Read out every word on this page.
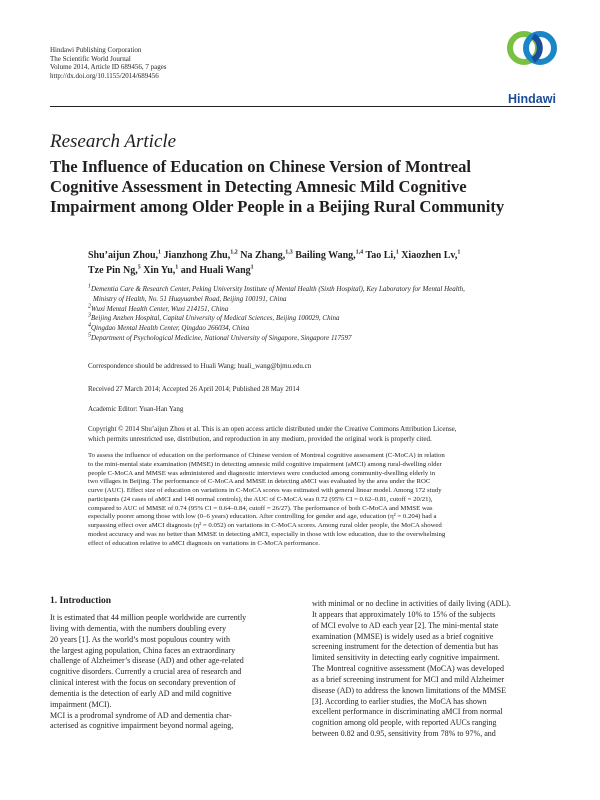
Hindawi Publishing Corporation
The Scientific World Journal
Volume 2014, Article ID 689456, 7 pages
http://dx.doi.org/10.1155/2014/689456
Hindawi
Research Article
The Influence of Education on Chinese Version of Montreal
Cognitive Assessment in Detecting Amnesic Mild Cognitive
Impairment among Older People in a Beijing Rural Community
Shu’aijun Zhou,$^1$ Jianzhong Zhu,$^{1,2}$ Na Zhang,$^{1,3}$ Bailing Wang,$^{1,4}$ Tao Li,$^1$ Xiaozhen Lv,$^1$
Tze Pin Ng,$^5$ Xin Yu,$^1$ and Huali Wang$^1$
$^1$Dementia Care & Research Center, Peking University Institute of Mental Health (Sixth Hospital), Key Laboratory for Mental Health,
Ministry of Health, No. 51 Huayuanbei Road, Beijing 100191, China
$^2$Wuxi Mental Health Center, Wuxi 214151, China
$^3$Beijing Anzhen Hospital, Capital University of Medical Sciences, Beijing 100029, China
$^4$Qingdao Mental Health Center, Qingdao 266034, China
$^5$Department of Psychological Medicine, National University of Singapore, Singapore 117597
Correspondence should be addressed to Huali Wang; huali_wang@bjmu.edu.cn
Received 27 March 2014; Accepted 26 April 2014; Published 28 May 2014
Academic Editor: Yuan-Han Yang
Copyright © 2014 Shu’aijun Zhou et al. This is an open access article distributed under the Creative Commons Attribution License,
which permits unrestricted use, distribution, and reproduction in any medium, provided the original work is properly cited.
To assess the influence of education on the performance of Chinese version of Montreal cognitive assessment (C-MoCA) in relation
to the mini-mental state examination (MMSE) in detecting amnesic mild cognitive impairment (aMCI) among rural-dwelling older
people C-MoCA and MMSE was administered and diagnostic interviews were conducted among community-dwelling elderly in
two villages in Beijing. The performance of C-MoCA and MMSE in detecting aMCI was evaluated by the area under the ROC
curve (AUC). Effect size of education on variations in C-MoCA scores was estimated with general linear model. Among 172 study
participants (24 cases of aMCI and 148 normal controls), the AUC of C-MoCA was 0.72 (95% CI = 0.62–0.81, cutoff = 20/21),
compared to AUC of MMSE of 0.74 (95% CI = 0.64–0.84, cutoff = 26/27). The performance of both C-MoCA and MMSE was
especially poorer among those with low (0–6 years) education. After controlling for gender and age, education (η² = 0.204) had a
surpassing effect over aMCI diagnosis (η² = 0.052) on variations in C-MoCA scores. Among rural older people, the MoCA showed
modest accuracy and was no better than MMSE in detecting aMCI, especially in those with low education, due to the overwhelming
effect of education relative to aMCI diagnosis on variations in C-MoCA performance.
1. Introduction
It is estimated that 44 million people worldwide are currently
living with dementia, with the numbers doubling every
20 years [1]. As the world’s most populous country with
the largest aging population, China faces an extraordinary
challenge of Alzheimer’s disease (AD) and other age-related
cognitive disorders. Currently a crucial area of research and
clinical interest with the focus on secondary prevention of
dementia is the detection of early AD and mild cognitive
impairment (MCI).
MCI is a prodromal syndrome of AD and dementia char-
acterised as cognitive impairment beyond normal ageing,
with minimal or no decline in activities of daily living (ADL).
It appears that approximately 10% to 15% of the subjects
of MCI evolve to AD each year [2]. The mini-mental state
examination (MMSE) is widely used as a brief cognitive
screening instrument for the detection of dementia but has
limited sensitivity in detecting early cognitive impairment.
The Montreal cognitive assessment (MoCA) was developed
as a brief screening instrument for MCI and mild Alzheimer
disease (AD) to address the known limitations of the MMSE
[3]. According to earlier studies, the MoCA has shown
excellent performance in discriminating aMCI from normal
cognition among old people, with reported AUCs ranging
between 0.82 and 0.95, sensitivity from 78% to 97%, and
